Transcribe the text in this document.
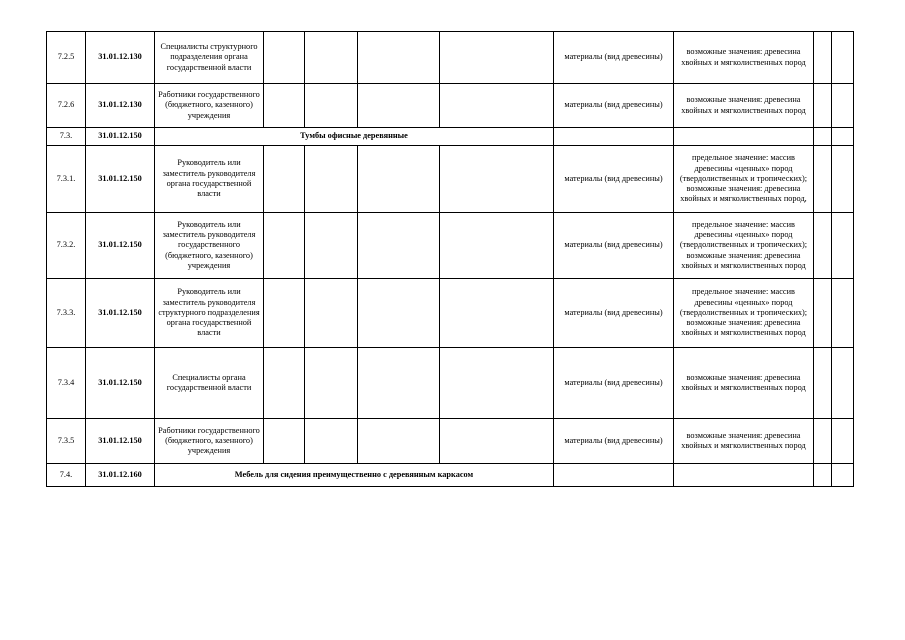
7.2.5	31.01.12.130	Специалисты структурного подразделения органа государственной власти					материалы (вид древесины)	возможные значения: древесина хвойных и мягколиственных пород		
7.2.6	31.01.12.130	Работники государственного (бюджетного, казенного) учреждения					материалы (вид древесины)	возможные значения: древесина хвойных и мягколиственных пород		
7.3.	31.01.12.150	Тумбы офисные деревянные								
7.3.1.	31.01.12.150	Руководитель или заместитель руководителя органа государственной власти					материалы (вид древесины)	предельное значение: массив древесины «ценных» пород (твердолиственных и тропических); возможные значения: древесина хвойных и мягколиственных пород,		
7.3.2.	31.01.12.150	Руководитель или заместитель руководителя государственного (бюджетного, казенного) учреждения					материалы (вид древесины)	предельное значение: массив древесины «ценных» пород (твердолиственных и тропических); возможные значения: древесина хвойных и мягколиственных пород		
7.3.3.	31.01.12.150	Руководитель или заместитель руководителя структурного подразделения органа государственной власти					материалы (вид древесины)	предельное значение: массив древесины «ценных» пород (твердолиственных и тропических); возможные значения: древесина хвойных и мягколиственных пород		
7.3.4	31.01.12.150	Специалисты органа государственной власти					материалы (вид древесины)	возможные значения: древесина хвойных и мягколиственных пород		
7.3.5	31.01.12.150	Работники государственного (бюджетного, казенного) учреждения					материалы (вид древесины)	возможные значения: древесина хвойных и мягколиственных пород		
7.4.	31.01.12.160	Мебель для сидения преимущественно с деревянным каркасом								
